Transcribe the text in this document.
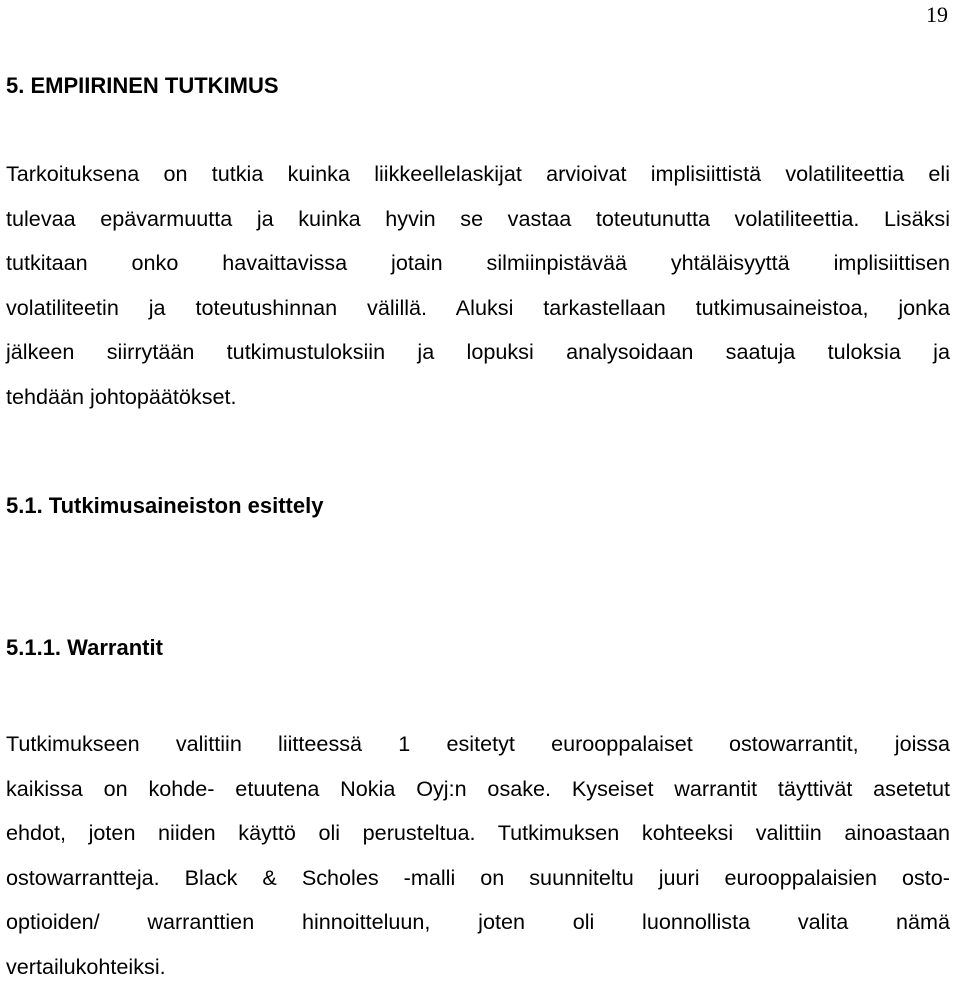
19
5. EMPIIRINEN TUTKIMUS
Tarkoituksena on tutkia kuinka liikkeellelaskijat arvioivat implisiittistä volatiliteettia eli
tulevaa epävarmuutta ja kuinka hyvin se vastaa toteutunutta volatiliteettia. Lisäksi
tutkitaan onko havaittavissa jotain silmiinpistävää yhtäläisyyttä implisiittisen
volatiliteetin ja toteutushinnan välillä. Aluksi tarkastellaan tutkimusaineistoa, jonka
jälkeen siirrytään tutkimustuloksiin ja lopuksi analysoidaan saatuja tuloksia ja
tehdään johtopäätökset.
5.1. Tutkimusaineiston esittely
5.1.1. Warrantit
Tutkimukseen valittiin liitteessä 1 esitetyt eurooppalaiset ostowarrantit, joissa
kaikissa on kohde- etuutena Nokia Oyj:n osake. Kyseiset warrantit täyttivät asetetut
ehdot, joten niiden käyttö oli perusteltua. Tutkimuksen kohteeksi valittiin ainoastaan
ostowarrantteja. Black & Scholes -malli on suunniteltu juuri eurooppalaisien osto-
optioiden/ warranttien hinnoitteluun, joten oli luonnollista valita nämä
vertailukohteiksi.
